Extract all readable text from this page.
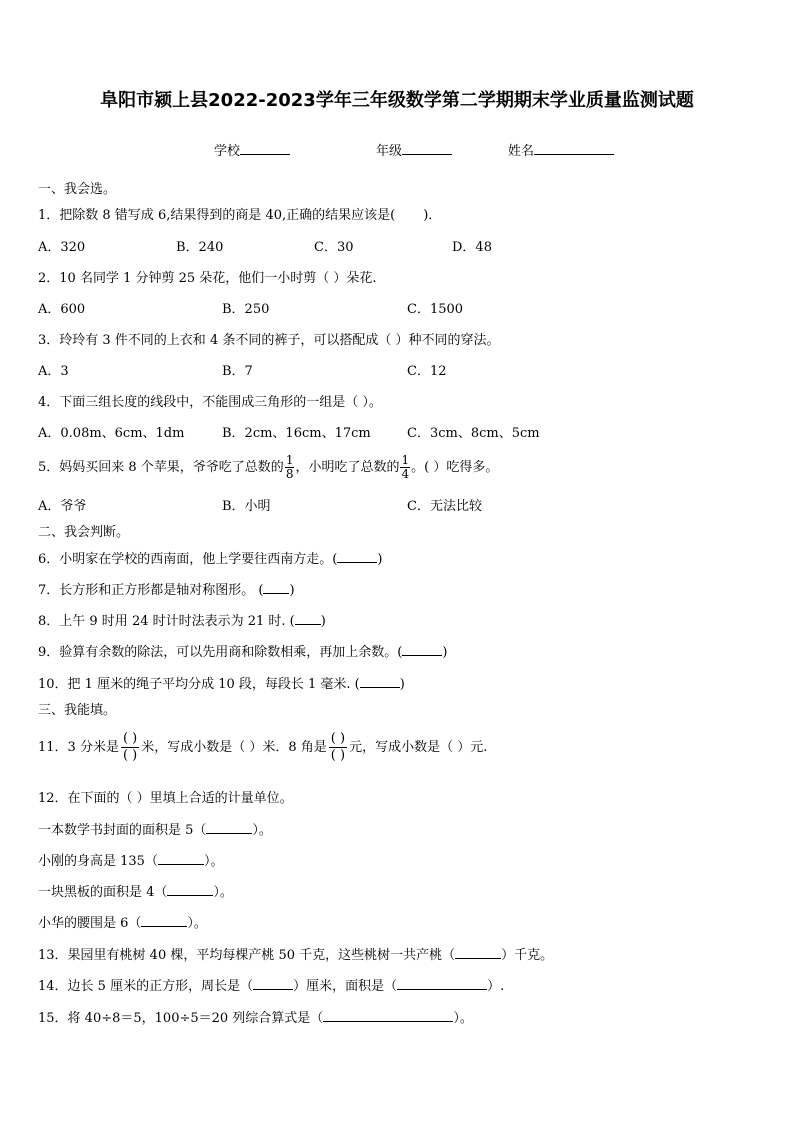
阜阳市颍上县2022-2023学年三年级数学第二学期期末学业质量监测试题
学校	年级	姓名
一、我会选。
1．把除数 8 错写成 6,结果得到的商是 40,正确的结果应该是( )．
A．320	B．240	C．30	D．48
2．10 名同学 1 分钟剪 25 朵花，他们一小时剪（ ）朵花.
A．600	B．250	C．1500
3．玲玲有 3 件不同的上衣和 4 条不同的裤子，可以搭配成（ ）种不同的穿法。
A．3	B．7	C．12
4．下面三组长度的线段中，不能围成三角形的一组是（ ）。
A．0.08m、6cm、1dm	B．2cm、16cm、17cm	C．3cm、8cm、5cm
5．妈妈买回来 8 个苹果，爷爷吃了总数的 $\frac{1}{8}$ ，小明吃了总数的 $\frac{1}{4}$ 。( ）吃得多。
A．爷爷	B．小明	C．无法比较
二、我会判断。
6．小明家在学校的西南面，他上学要往西南方走。(	)
7．长方形和正方形都是轴对称图形。 ( )
8．上午 9 时用 24 时计时法表示为 21 时. ( )
9．验算有余数的除法，可以先用商和除数相乘，再加上余数。(	)
10．把 1 厘米的绳子平均分成 10 段，每段长 1 毫米. (	)
三、我能填。
11．3 分米是
( )
( )
米，写成小数是（ ）米．8 角是
( )
( )
元，写成小数是（ ）元.
12．在下面的（ ）里填上合适的计量单位。
一本数学书封面的面积是 5（	）。
小刚的身高是 135（	）。
一块黑板的面积是 4（	）。
小华的腰围是 6（	）。
13．果园里有桃树 40 棵，平均每棵产桃 50 千克，这些桃树一共产桃（	）千克。
14．边长 5 厘米的正方形，周长是（	）厘米，面积是（	）.
15．将 40÷8＝5，100÷5＝20 列综合算式是（	）。
